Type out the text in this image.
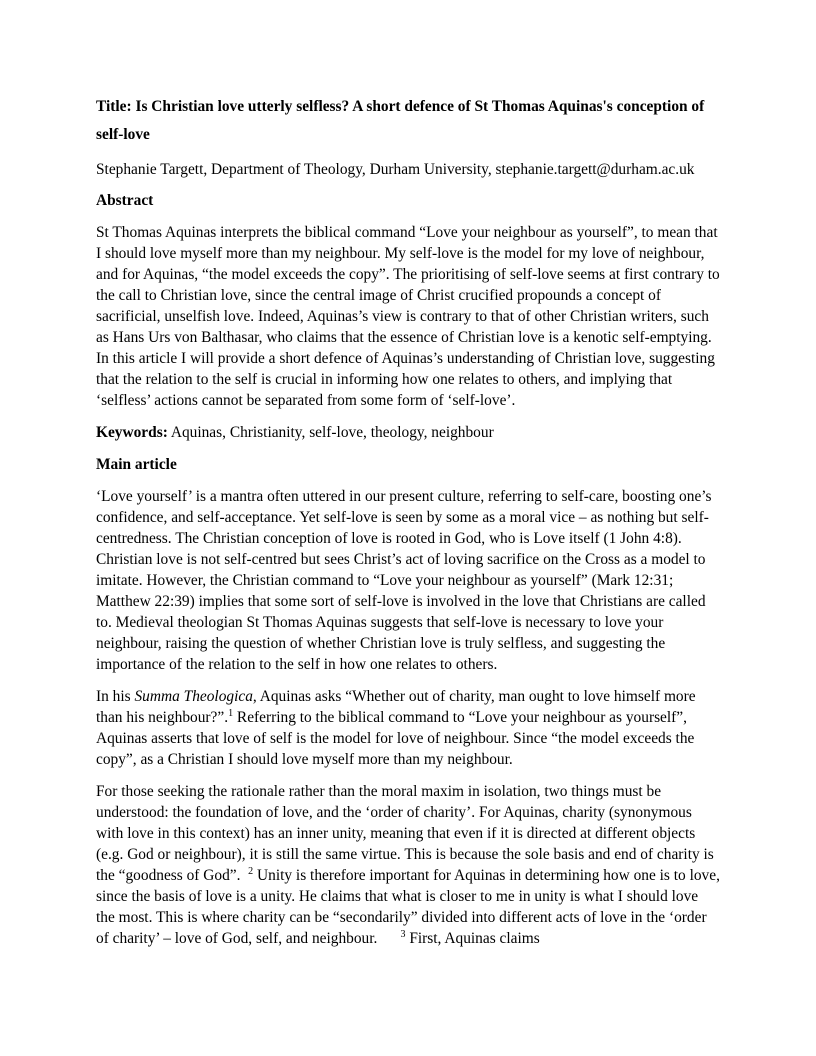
Title: Is Christian love utterly selfless? A short defence of St Thomas Aquinas's conception of self-love
Stephanie Targett, Department of Theology, Durham University, stephanie.targett@durham.ac.uk
Abstract
St Thomas Aquinas interprets the biblical command “Love your neighbour as yourself”, to mean that I should love myself more than my neighbour. My self-love is the model for my love of neighbour, and for Aquinas, “the model exceeds the copy”. The prioritising of self-love seems at first contrary to the call to Christian love, since the central image of Christ crucified propounds a concept of sacrificial, unselfish love. Indeed, Aquinas’s view is contrary to that of other Christian writers, such as Hans Urs von Balthasar, who claims that the essence of Christian love is a kenotic self-emptying. In this article I will provide a short defence of Aquinas’s understanding of Christian love, suggesting that the relation to the self is crucial in informing how one relates to others, and implying that ‘selfless’ actions cannot be separated from some form of ‘self-love’.
Keywords: Aquinas, Christianity, self-love, theology, neighbour
Main article
‘Love yourself’ is a mantra often uttered in our present culture, referring to self-care, boosting one’s confidence, and self-acceptance. Yet self-love is seen by some as a moral vice – as nothing but self-centredness. The Christian conception of love is rooted in God, who is Love itself (1 John 4:8). Christian love is not self-centred but sees Christ’s act of loving sacrifice on the Cross as a model to imitate. However, the Christian command to “Love your neighbour as yourself” (Mark 12:31; Matthew 22:39) implies that some sort of self-love is involved in the love that Christians are called to. Medieval theologian St Thomas Aquinas suggests that self-love is necessary to love your neighbour, raising the question of whether Christian love is truly selfless, and suggesting the importance of the relation to the self in how one relates to others.
In his Summa Theologica, Aquinas asks “Whether out of charity, man ought to love himself more than his neighbour?”.$^1$ Referring to the biblical command to “Love your neighbour as yourself”, Aquinas asserts that love of self is the model for love of neighbour. Since “the model exceeds the copy”, as a Christian I should love myself more than my neighbour.
For those seeking the rationale rather than the moral maxim in isolation, two things must be understood: the foundation of love, and the ‘order of charity’. For Aquinas, charity (synonymous with love in this context) has an inner unity, meaning that even if it is directed at different objects (e.g. God or neighbour), it is still the same virtue. This is because the sole basis and end of charity is the “goodness of God”. $^2$ Unity is therefore important for Aquinas in determining how one is to love, since the basis of love is a unity. He claims that what is closer to me in unity is what I should love the most. This is where charity can be “secondarily” divided into different acts of love in the ‘order of charity’ – love of God, self, and neighbour. $^3$ First, Aquinas claims
